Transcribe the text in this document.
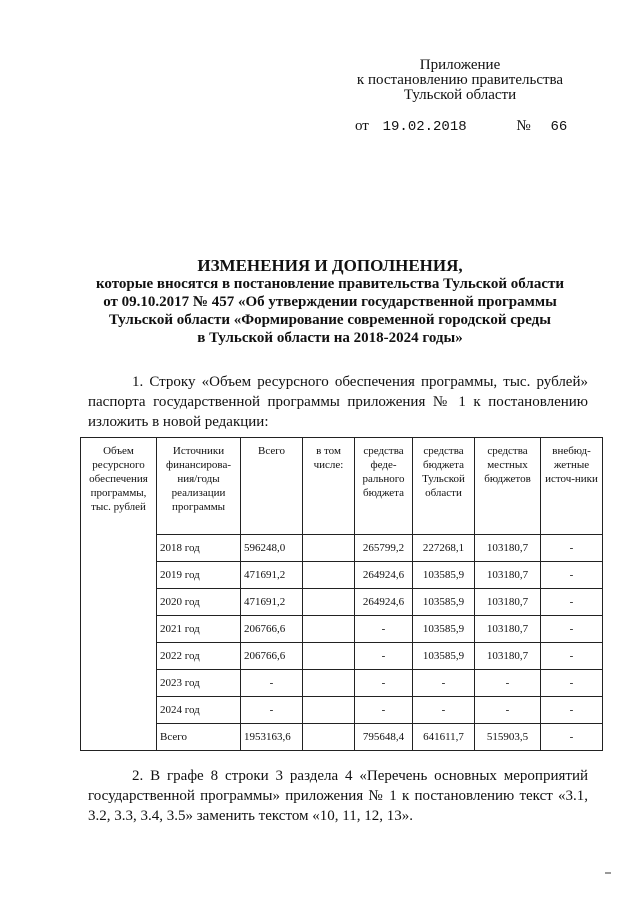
Приложение
к постановлению правительства
Тульской области
от 19.02.2018	№ 66
ИЗМЕНЕНИЯ И ДОПОЛНЕНИЯ,
которые вносятся в постановление правительства Тульской области
от 09.10.2017 № 457 «Об утверждении государственной программы
Тульской области «Формирование современной городской среды
в Тульской области на 2018-2024 годы»
1. Строку «Объем ресурсного обеспечения программы, тыс. рублей» паспорта государственной программы приложения № 1 к постановлению изложить в новой редакции:
Объем ресурсного обеспечения программы, тыс. рублей	Источники финансирова-ния/годы реализации программы	Всего	в том числе:	средства феде-рального бюджета	средства бюджета Тульской области	средства местных бюджетов	внебюд-жетные источ-ники
	2018 год	596248,0		265799,2	227268,1	103180,7	-
	2019 год	471691,2		264924,6	103585,9	103180,7	-
	2020 год	471691,2		264924,6	103585,9	103180,7	-
	2021 год	206766,6		-	103585,9	103180,7	-
	2022 год	206766,6		-	103585,9	103180,7	-
	2023 год	-		-	-	-	-
	2024 год	-		-	-	-	-
	Всего	1953163,6		795648,4	641611,7	515903,5	-
2. В графе 8 строки 3 раздела 4 «Перечень основных мероприятий государственной программы» приложения № 1 к постановлению текст «3.1, 3.2, 3.3, 3.4, 3.5» заменить текстом «10, 11, 12, 13».
